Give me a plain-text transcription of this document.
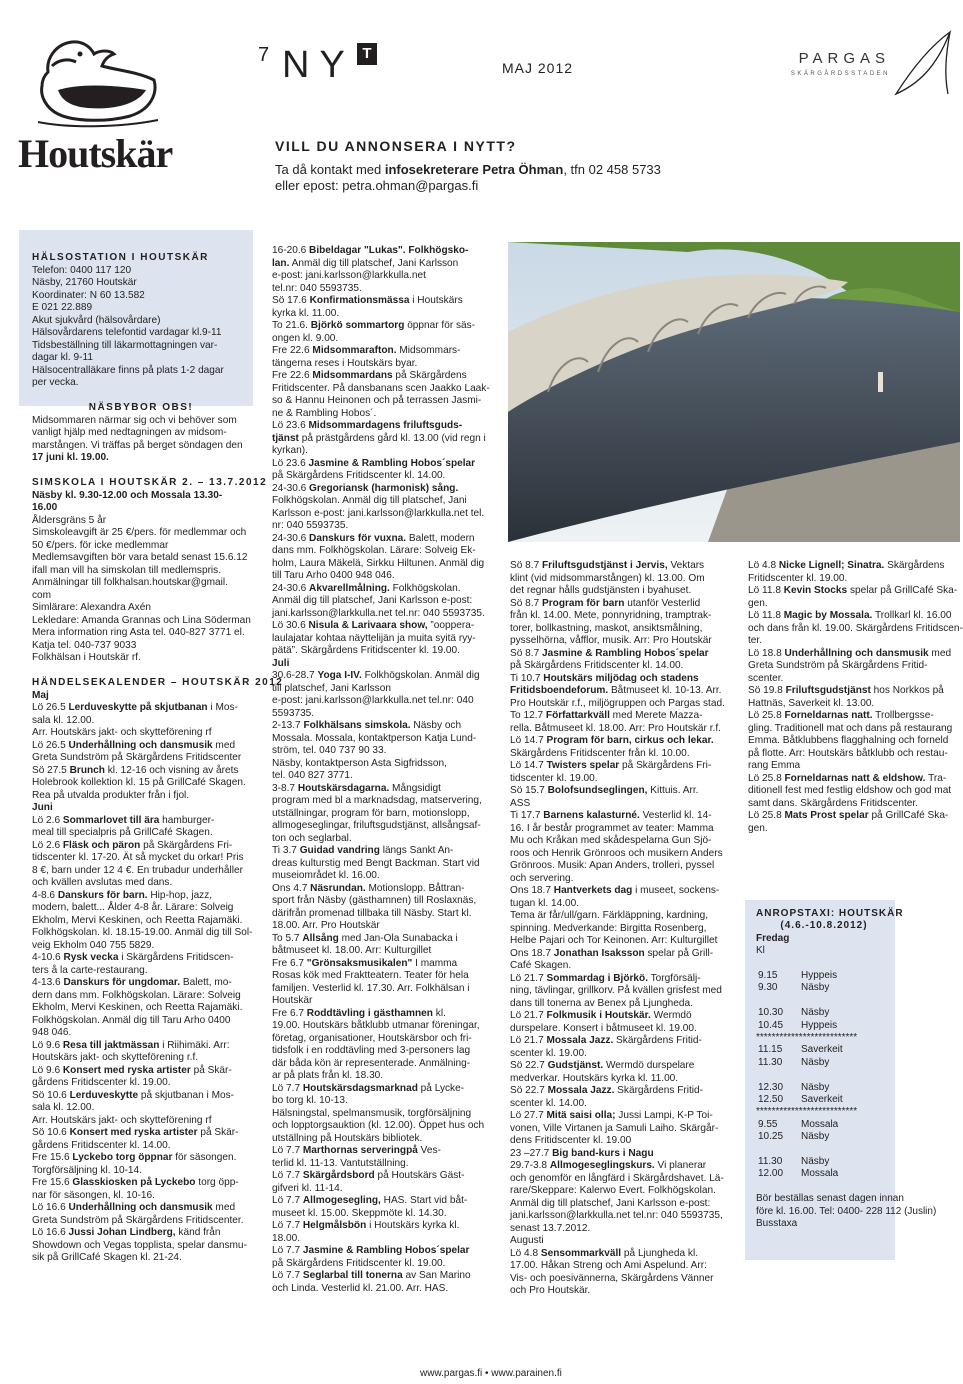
Houtskär
7 NY T
MAJ 2012
PARGAS
SKÄRGÅRDSSTADEN
VILL DU ANNONSERA I NYTT?
Ta då kontakt med infosekreterare Petra Öhman, tfn 02 458 5733
eller epost: petra.ohman@pargas.fi
HÄLSOSTATION I HOUTSKÄR
Telefon: 0400 117 120
Näsby, 21760 Houtskär
Koordinater: N 60 13.582
E 021 22.889
Akut sjukvård (hälsovårdare)
Hälsovårdarens telefontid vardagar kl.9-11
Tidsbeställning till läkarmottagningen var-
dagar kl. 9-11
Hälsocentralläkare finns på plats 1-2 dagar
per vecka.
NÄSBYBOR OBS!
Midsommaren närmar sig och vi behöver som
vanligt hjälp med nedtagningen av midsom-
marstången. Vi träffas på berget söndagen den
17 juni kl. 19.00.
SIMSKOLA I HOUTSKÄR 2. – 13.7.2012
Näsby kl. 9.30-12.00 och Mossala 13.30-
16.00
Åldersgräns 5 år
Simskoleavgift är 25 €/pers. för medlemmar och
50 €/pers. för icke medlemmar
Medlemsavgiften bör vara betald senast 15.6.12
ifall man vill ha simskolan till medlemspris.
Anmälningar till folkhalsan.houtskar@gmail.
com
Simlärare: Alexandra Axén
Lekledare: Amanda Grannas och Lina Söderman
Mera information ring Asta tel. 040-827 3771 el.
Katja tel. 040-737 9033
Folkhälsan i Houtskär rf.
HÄNDELSEKALENDER – HOUTSKÄR 2012
Maj
Lö 26.5 Lerduveskytte på skjutbanan i Mos-
sala kl. 12.00.
Arr. Houtskärs jakt- och skytteförening rf
Lö 26.5 Underhållning och dansmusik med
Greta Sundström på Skärgårdens Fritidscenter
Sö 27.5 Brunch kl. 12-16 och visning av årets
Holebrook kollektion kl. 15 på GrillCafé Skagen.
Rea på utvalda produkter från i fjol.
Juni
Lö 2.6 Sommarlovet till ära hamburger-
meal till specialpris på GrillCafé Skagen.
Lö 2.6 Fläsk och päron på Skärgårdens Fri-
tidscenter kl. 17-20. Ät så mycket du orkar! Pris
8 €, barn under 12 4 €. En trubadur underhåller
och kvällen avslutas med dans.
4-8.6 Danskurs för barn. Hip-hop, jazz,
modern, balett... Ålder 4-8 år. Lärare: Solveig
Ekholm, Mervi Keskinen, och Reetta Rajamäki.
Folkhögskolan. kl. 18.15-19.00. Anmäl dig till Sol-
veig Ekholm 040 755 5829.
4-10.6 Rysk vecka i Skärgårdens Fritidscen-
ters å la carte-restaurang.
4-13.6 Danskurs för ungdomar. Balett, mo-
dern dans mm. Folkhögskolan. Lärare: Solveig
Ekholm, Mervi Keskinen, och Reetta Rajamäki.
Folkhögskolan. Anmäl dig till Taru Arho 0400
948 046.
Lö 9.6 Resa till jaktmässan i Riihimäki. Arr:
Houtskärs jakt- och skytteförening r.f.
Lö 9.6 Konsert med ryska artister på Skär-
gårdens Fritidscenter kl. 19.00.
Sö 10.6 Lerduveskytte på skjutbanan i Mos-
sala kl. 12.00.
Arr. Houtskärs jakt- och skytteförening rf
Sö 10.6 Konsert med ryska artister på Skär-
gårdens Fritidscenter kl. 14.00.
Fre 15.6 Lyckebo torg öppnar för säsongen.
Torgförsäljning kl. 10-14.
Fre 15.6 Glasskiosken på Lyckebo torg öpp-
nar för säsongen, kl. 10-16.
Lö 16.6 Underhållning och dansmusik med
Greta Sundström på Skärgårdens Fritidscenter.
Lö 16.6 Jussi Johan Lindberg, känd från
Showdown och Vegas topplista, spelar dansmu-
sik på GrillCafé Skagen kl. 21-24.
16-20.6 Bibeldagar "Lukas". Folkhögsko-
lan. Anmäl dig till platschef, Jani Karlsson
e-post: jani.karlsson@larkkulla.net
tel.nr: 040 5593735.
Sö 17.6 Konfirmationsmässa i Houtskärs
kyrka kl. 11.00.
To 21.6. Björkö sommartorg öppnar för säs-
ongen kl. 9.00.
Fre 22.6 Midsommarafton. Midsommars-
tängerna reses i Houtskärs byar.
Fre 22.6 Midsommardans på Skärgårdens
Fritidscenter. På dansbanans scen Jaakko Laak-
so & Hannu Heinonen och på terrassen Jasmi-
ne & Rambling Hobos´.
Lö 23.6 Midsommardagens friluftsguds-
tjänst på prästgårdens gård kl. 13.00 (vid regn i
kyrkan).
Lö 23.6 Jasmine & Rambling Hobos´spelar
på Skärgårdens Fritidscenter kl. 14.00.
24-30.6 Gregoriansk (harmonisk) sång.
Folkhögskolan. Anmäl dig till platschef, Jani
Karlsson e-post: jani.karlsson@larkkulla.net tel.
nr: 040 5593735.
24-30.6 Danskurs för vuxna. Balett, modern
dans mm. Folkhögskolan. Lärare: Solveig Ek-
holm, Laura Mäkelä, Sirkku Hiltunen. Anmäl dig
till Taru Arho 0400 948 046.
24-30.6 Akvarellmålning. Folkhögskolan.
Anmäl dig till platschef, Jani Karlsson e-post:
jani.karlsson@larkkulla.net tel.nr: 040 5593735.
Lö 30.6 Nisula & Larivaara show, ”ooppera-
laulajatar kohtaa näyttelijän ja muita syitä ryy-
pätä”. Skärgårdens Fritidscenter kl. 19.00.
Juli
30.6-28.7 Yoga I-IV. Folkhögskolan. Anmäl dig
till platschef, Jani Karlsson
e-post: jani.karlsson@larkkulla.net tel.nr: 040
5593735.
2-13.7 Folkhälsans simskola. Näsby och
Mossala. Mossala, kontaktperson Katja Lund-
ström, tel. 040 737 90 33.
Näsby, kontaktperson Asta Sigfridsson,
tel. 040 827 3771.
3-8.7 Houtskärsdagarna. Mångsidigt
program med bl a marknadsdag, matservering,
utställningar, program för barn, motionslopp,
allmogeseglingar, friluftsgudstjänst, allsångsaf-
ton och seglarbal.
Ti 3.7 Guidad vandring längs Sankt An-
dreas kulturstig med Bengt Backman. Start vid
museiområdet kl. 16.00.
Ons 4.7 Näsrundan. Motionslopp. Båttran-
sport från Näsby (gästhamnen) till Roslaxnäs,
därifrån promenad tillbaka till Näsby. Start kl.
18.00. Arr. Pro Houtskär
To 5.7 Allsång med Jan-Ola Sunabacka i
båtmuseet kl. 18.00. Arr: Kulturgillet
Fre 6.7 "Grönsaksmusikalen" I mamma
Rosas kök med Fraktteatern. Teater för hela
familjen. Vesterlid kl. 17.30. Arr. Folkhälsan i
Houtskär
Fre 6.7 Roddtävling i gästhamnen kl.
19.00. Houtskärs båtklubb utmanar föreningar,
företag, organisationer, Houtskärsbor och fri-
tidsfolk i en roddtävling med 3-personers lag
där båda kön är representerade. Anmälning-
ar på plats från kl. 18.30.
Lö 7.7 Houtskärsdagsmarknad på Lycke-
bo torg kl. 10-13.
Hälsningstal, spelmansmusik, torgförsäljning
och lopptorgsauktion (kl. 12.00). Öppet hus och
utställning på Houtskärs bibliotek.
Lö 7.7 Marthornas serveringpå Ves-
terlid kl. 11-13. Vantutställning.
Lö 7.7 Skärgårdsbord på Houtskärs Gäst-
gifveri kl. 11-14.
Lö 7.7 Allmogesegling, HAS. Start vid båt-
museet kl. 15.00. Skeppmöte kl. 14.30.
Lö 7.7 Helgmålsbön i Houtskärs kyrka kl.
18.00.
Lö 7.7 Jasmine & Rambling Hobos´spelar
på Skärgårdens Fritidscenter kl. 19.00.
Lö 7.7 Seglarbal till tonerna av San Marino
och Linda. Vesterlid kl. 21.00. Arr. HAS.
Sö 8.7 Friluftsgudstjänst i Jervis, Vektars
klint (vid midsommarstången) kl. 13.00. Om
det regnar hålls gudstjänsten i byahuset.
Sö 8.7 Program för barn utanför Vesterlid
från kl. 14.00. Mete, ponnyridning, tramptrak-
torer, bollkastning, maskot, ansiktsmålning,
pysselhörna, våfflor, musik. Arr: Pro Houtskär
Sö 8.7 Jasmine & Rambling Hobos´spelar
på Skärgårdens Fritidscenter kl. 14.00.
Ti 10.7 Houtskärs miljödag och stadens
Fritidsboendeforum. Båtmuseet kl. 10-13. Arr.
Pro Houtskär r.f., miljögruppen och Pargas stad.
To 12.7 Författarkväll med Merete Mazza-
rella. Båtmuseet kl. 18.00. Arr: Pro Houtskär r.f.
Lö 14.7 Program för barn, cirkus och lekar.
Skärgårdens Fritidscenter från kl. 10.00.
Lö 14.7 Twisters spelar på Skärgårdens Fri-
tidscenter kl. 19.00.
Sö 15.7 Bolofsundseglingen, Kittuis. Arr.
ASS
Ti 17.7 Barnens kalasturné. Vesterlid kl. 14-
16. I år består programmet av teater: Mamma
Mu och Kråkan med skådespelarna Gun Sjö-
roos och Henrik Grönroos och musikern Anders
Grönroos. Musik: Apan Anders, trolleri, pyssel
och servering.
Ons 18.7 Hantverkets dag i museet, sockens-
tugan kl. 14.00.
Tema är får/ull/garn. Färkläppning, kardning,
spinning. Medverkande: Birgitta Rosenberg,
Helbe Pajari och Tor Keinonen. Arr: Kulturgillet
Ons 18.7 Jonathan Isaksson spelar på Grill-
Café Skagen.
Lö 21.7 Sommardag i Björkö. Torgförsälj-
ning, tävlingar, grillkorv. På kvällen grisfest med
dans till tonerna av Benex på Ljungheda.
Lö 21.7 Folkmusik i Houtskär. Wermdö
durspelare. Konsert i båtmuseet kl. 19.00.
Lö 21.7 Mossala Jazz. Skärgårdens Fritid-
scenter kl. 19.00.
Sö 22.7 Gudstjänst. Wermdö durspelare
medverkar. Houtskärs kyrka kl. 11.00.
Sö 22.7 Mossala Jazz. Skärgårdens Fritid-
scenter kl. 14.00.
Lö 27.7 Mitä saisi olla; Jussi Lampi, K-P Toi-
vonen, Ville Virtanen ja Samuli Laiho. Skärgår-
dens Fritidscenter kl. 19.00
23 –27.7 Big band-kurs i Nagu
29.7-3.8 Allmogeseglingskurs. Vi planerar
och genomför en långfärd i Skärgårdshavet. Lä-
rare/Skeppare: Kalerwo Evert. Folkhögskolan.
Anmäl dig till platschef, Jani Karlsson e-post:
jani.karlsson@larkkulla.net tel.nr: 040 5593735,
senast 13.7.2012.
Augusti
Lö 4.8 Sensommarkväll på Ljungheda kl.
17.00. Håkan Streng och Ami Aspelund. Arr:
Vis- och poesivännerna, Skärgårdens Vänner
och Pro Houtskär.
Lö 4.8 Nicke Lignell; Sinatra. Skärgårdens
Fritidscenter kl. 19.00.
Lö 11.8 Kevin Stocks spelar på GrillCafé Ska-
gen.
Lö 11.8 Magic by Mossala. Trollkarl kl. 16.00
och dans från kl. 19.00. Skärgårdens Fritidscen-
ter.
Lö 18.8 Underhållning och dansmusik med
Greta Sundström på Skärgårdens Fritid-
scenter.
Sö 19.8 Friluftsgudstjänst hos Norkkos på
Hattnäs, Saverkeit kl. 13.00.
Lö 25.8 Forneldarnas natt. Trollbergsse-
gling. Traditionell mat och dans på restaurang
Emma. Båtklubbens flagghalning och forneld
på flotte. Arr: Houtskärs båtklubb och restau-
rang Emma
Lö 25.8 Forneldarnas natt & eldshow. Tra-
ditionell fest med festlig eldshow och god mat
samt dans. Skärgårdens Fritidscenter.
Lö 25.8 Mats Prost spelar på GrillCafé Ska-
gen.
ANROPSTAXI: HOUTSKÄR
(4.6.-10.8.2012)
Fredag
Kl
9.15	Hyppeis
9.30	Näsby
10.30	Näsby
10.45	Hyppeis
**************************
11.15	Saverkeit
11.30	Näsby
12.30	Näsby
12.50	Saverkeit
**************************
9.55	Mossala
10.25	Näsby
11.30	Näsby
12.00	Mossala
Bör beställas senast dagen innan
före kl. 16.00. Tel: 0400- 228 112 (Juslin)
Busstaxa
www.pargas.fi • www.parainen.fi
